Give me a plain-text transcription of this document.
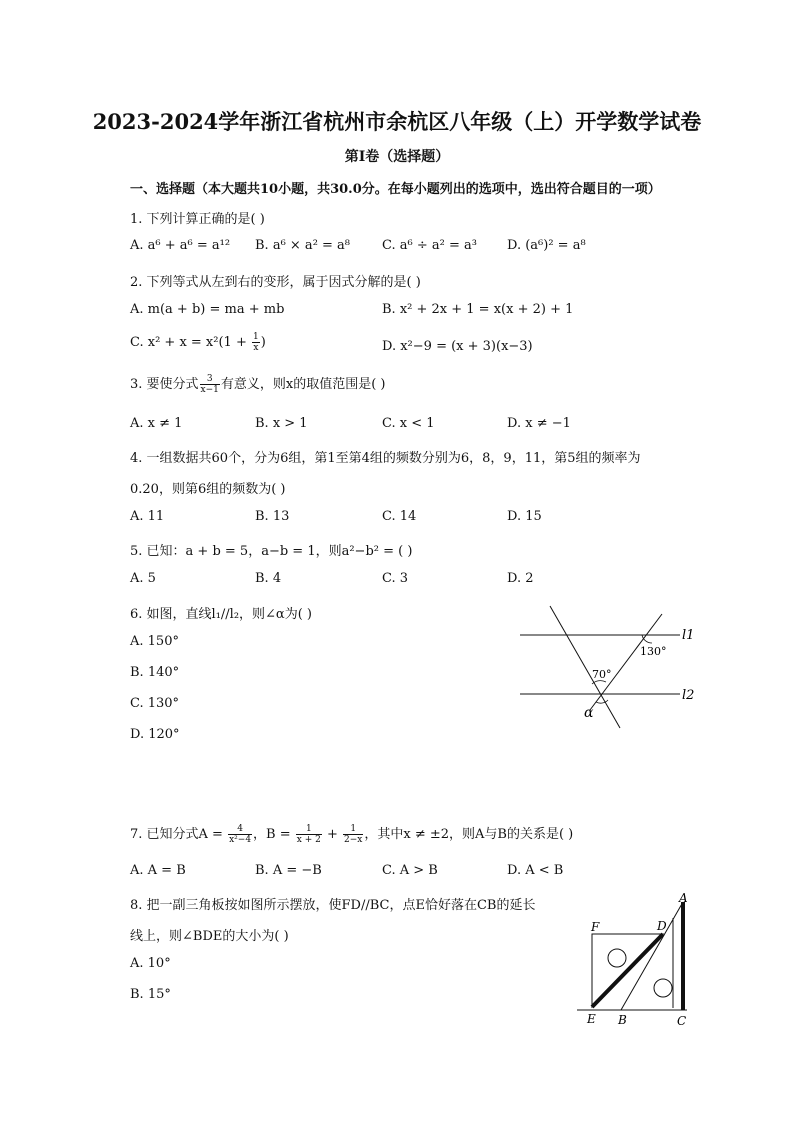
2023-2024学年浙江省杭州市余杭区八年级（上）开学数学试卷
第I卷（选择题）
一、选择题（本大题共10小题，共30.0分。在每小题列出的选项中，选出符合题目的一项）
1. 下列计算正确的是( )
A. a⁶ + a⁶ = a¹² B. a⁶ × a² = a⁸ C. a⁶ ÷ a² = a³ D. (a⁶)² = a⁸
2. 下列等式从左到右的变形，属于因式分解的是( )
A. m(a + b) = ma + mb	B. x² + 2x + 1 = x(x + 2) + 1
C. $x^2 + x = x^2(1 + \frac{1}{x}$ )	D. x²−9 = (x + 3)(x−3)
3. 要使分式 $\frac{3}{x-1}$ 有意义，则x的取值范围是( )
A. x ≠ 1	B. x > 1	C. x < 1	D. x ≠ −1
4. 一组数据共60个，分为6组，第1至第4组的频数分别为6，8，9，11，第5组的频率为
0.20，则第6组的频数为( )
A. 11	B. 13	C. 14	D. 15
5. 已知：a + b = 5，a−b = 1，则a²−b² = ( )
A. 5	B. 4	C. 3	D. 2
6. 如图，直线l₁//l₂，则∠α为( )
A. 150°
B. 140°
C. 130°
D. 120°
l1
l2
70°
130°
α
7. 已知分式$A = \frac{4}{\text{x²−4}}$ ，$B = \frac{1}{x + 2} + \frac{1}{2-x}$ ，其中x ≠ ±2，则A与B的关系是( )
A. A = B	B. A = −B	C. A > B	D. A < B
8. 把一副三角板按如图所示摆放，使FD//BC，点E恰好落在CB的延长
线上，则∠BDE的大小为( )
A. 10°
B. 15°
A
B	C
D
E
F
